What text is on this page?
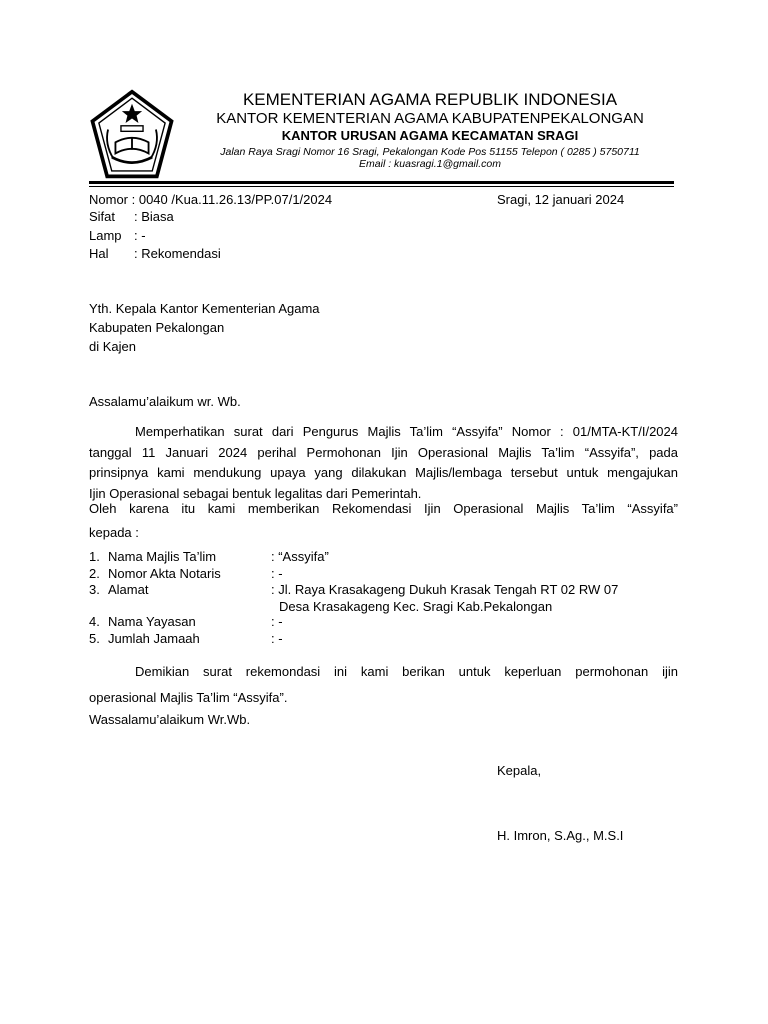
KEMENTERIAN AGAMA REPUBLIK INDONESIA
KANTOR KEMENTERIAN AGAMA KABUPATENPEKALONGAN
KANTOR URUSAN AGAMA KECAMATAN SRAGI
Jalan Raya Sragi Nomor 16 Sragi, Pekalongan Kode Pos 51155 Telepon ( 0285 ) 5750711
Email : kuasragi.1@gmail.com
Nomor : 0040 /Kua.11.26.13/PP.07/1/2024	Sragi, 12 januari 2024
Sifat : Biasa
Lamp : -
Hal : Rekomendasi
Yth. Kepala Kantor Kementerian Agama
Kabupaten Pekalongan
di Kajen
Assalamu’alaikum wr. Wb.
Memperhatikan surat dari Pengurus Majlis Ta’lim “Assyifa” Nomor : 01/MTA-KT/I/2024
tanggal 11 Januari 2024 perihal Permohonan Ijin Operasional Majlis Ta’lim “Assyifa”, pada
prinsipnya kami mendukung upaya yang dilakukan Majlis/lembaga tersebut untuk mengajukan
Ijin Operasional sebagai bentuk legalitas dari Pemerintah.
Oleh karena itu kami memberikan Rekomendasi Ijin Operasional Majlis Ta’lim “Assyifa”
kepada :
1. Nama Majlis Ta’lim	: “Assyifa”
2. Nomor Akta Notaris	: -
3. Alamat	: Jl. Raya Krasakageng Dukuh Krasak Tengah RT 02 RW 07
Desa Krasakageng Kec. Sragi Kab.Pekalongan
4. Nama Yayasan	: -
5. Jumlah Jamaah	: -
Demikian surat rekemondasi ini kami berikan untuk keperluan permohonan ijin
operasional Majlis Ta’lim “Assyifa”.
Wassalamu’alaikum Wr.Wb.
Kepala,
H. Imron, S.Ag., M.S.I
